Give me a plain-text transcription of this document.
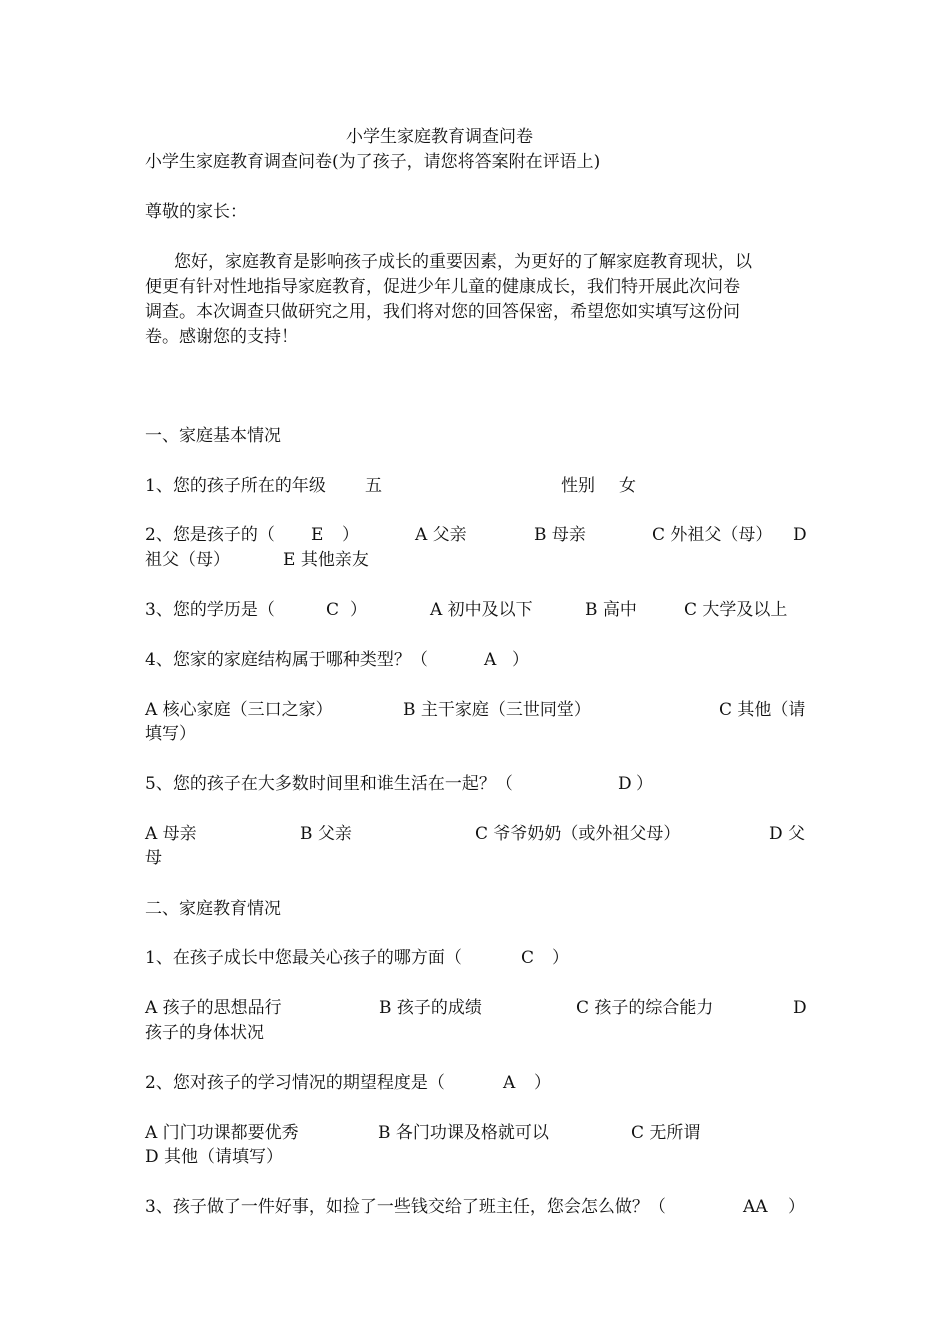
小学生家庭教育调查问卷
小学生家庭教育调查问卷(为了孩子，请您将答案附在评语上)
尊敬的家长：
您好，家庭教育是影响孩子成长的重要因素，为更好的了解家庭教育现状，以
便更有针对性地指导家庭教育，促进少年儿童的健康成长，我们特开展此次问卷
调查。本次调查只做研究之用，我们将对您的回答保密，希望您如实填写这份问
卷。感谢您的支持！
一、家庭基本情况
1、您的孩子所在的年级 五	性别 女
2、您是孩子的（ E ）	A 父亲	B 母亲	C 外祖父（母） D
祖父（母）	E 其他亲友
3、您的学历是（	C ）	A 初中及以下	B 高中	C 大学及以上
4、您家的家庭结构属于哪种类型？（	A ）
A 核心家庭（三口之家）	B 主干家庭（三世同堂）	C 其他（请
填写）
5、您的孩子在大多数时间里和谁生活在一起？（	D ）
A 母亲	B 父亲	C 爷爷奶奶（或外祖父母）	D 父
母
二、家庭教育情况
1、在孩子成长中您最关心孩子的哪方面（	C ）
A 孩子的思想品行	B 孩子的成绩	C 孩子的综合能力	D
孩子的身体状况
2、您对孩子的学习情况的期望程度是（	A ）
A 门门功课都要优秀	B 各门功课及格就可以	C 无所谓
D 其他（请填写）
3、孩子做了一件好事，如捡了一些钱交给了班主任，您会怎么做？（	AA ）
